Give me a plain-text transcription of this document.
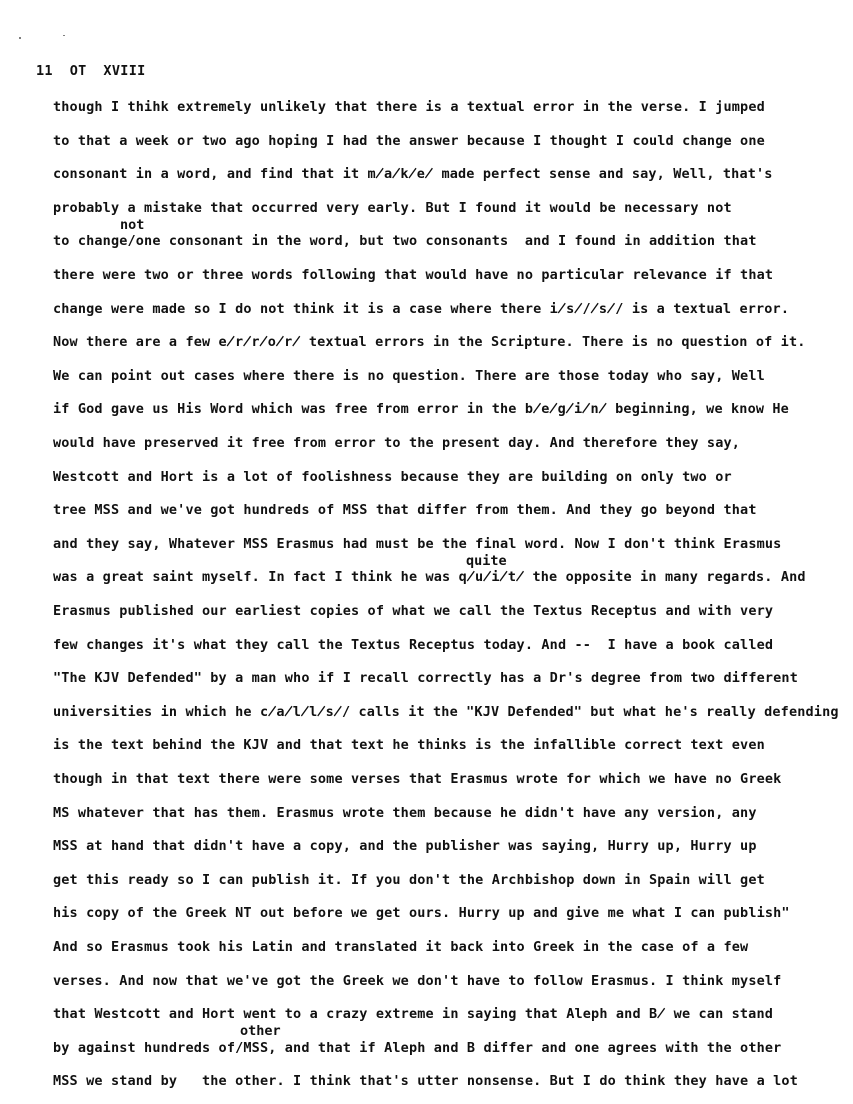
11  OT  XVIII
though I thihk extremely unlikely that there is a textual error in the verse. I jumped
to that a week or two ago hoping I had the answer because I thought I could change one
consonant in a word, and find that it m̸a̸k̸e̸ made perfect sense and say, Well, that's
probably a mistake that occurred very early. But I found it would be necessary not
to change/one consonant in the word, but two consonants  and I found in addition that
there were two or three words following that would have no particular relevance if that
change were made so I do not think it is a case where there i̸s̸/̸s̸/ is a textual error.
Now there are a few e̸r̸r̸o̸r̸ textual errors in the Scripture. There is no question of it.
We can point out cases where there is no question. There are those today who say, Well
if God gave us His Word which was free from error in the b̸e̸g̸i̸n̸ beginning, we know He
would have preserved it free from error to the present day. And therefore they say,
Westcott and Hort is a lot of foolishness because they are building on only two or
tree MSS and we've got hundreds of MSS that differ from them. And they go beyond that
and they say, Whatever MSS Erasmus had must be the final word. Now I don't think Erasmus
was a great saint myself. In fact I think he was q̸u̸i̸t̸ the opposite in many regards. And
Erasmus published our earliest copies of what we call the Textus Receptus and with very
few changes it's what they call the Textus Receptus today. And --  I have a book called
"The KJV Defended" by a man who if I recall correctly has a Dr's degree from two different
universities in which he c̸a̸l̸l̸s̸/ calls it the "KJV Defended" but what he's really defending
is the text behind the KJV and that text he thinks is the infallible correct text even
though in that text there were some verses that Erasmus wrote for which we have no Greek
MS whatever that has them. Erasmus wrote them because he didn't have any version, any
MSS at hand that didn't have a copy, and the publisher was saying, Hurry up, Hurry up
get this ready so I can publish it. If you don't the Archbishop down in Spain will get
his copy of the Greek NT out before we get ours. Hurry up and give me what I can publish"
And so Erasmus took his Latin and translated it back into Greek in the case of a few
verses. And now that we've got the Greek we don't have to follow Erasmus. I think myself
that Westcott and Hort went to a crazy extreme in saying that Aleph and B̸ we can stand
by against hundreds of/MSS, and that if Aleph and B differ and one agrees with the other
MSS we stand by   the other. I think that's utter nonsense. But I do think they have a lot
not
quite
other
